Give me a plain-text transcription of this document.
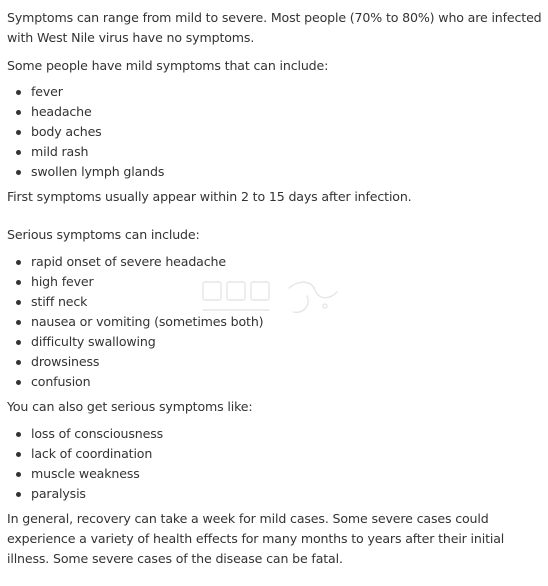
Symptoms can range from mild to severe. Most people (70% to 80%) who are infected with West Nile virus have no symptoms.

Some people have mild symptoms that can include:

fever
headache
body aches
mild rash
swollen lymph glands

First symptoms usually appear within 2 to 15 days after infection.

Serious symptoms can include:

rapid onset of severe headache
high fever
stiff neck
nausea or vomiting (sometimes both)
difficulty swallowing
drowsiness
confusion

You can also get serious symptoms like:

loss of consciousness
lack of coordination
muscle weakness
paralysis

In general, recovery can take a week for mild cases. Some severe cases could experience a variety of health effects for many months to years after their initial illness. Some severe cases of the disease can be fatal.
